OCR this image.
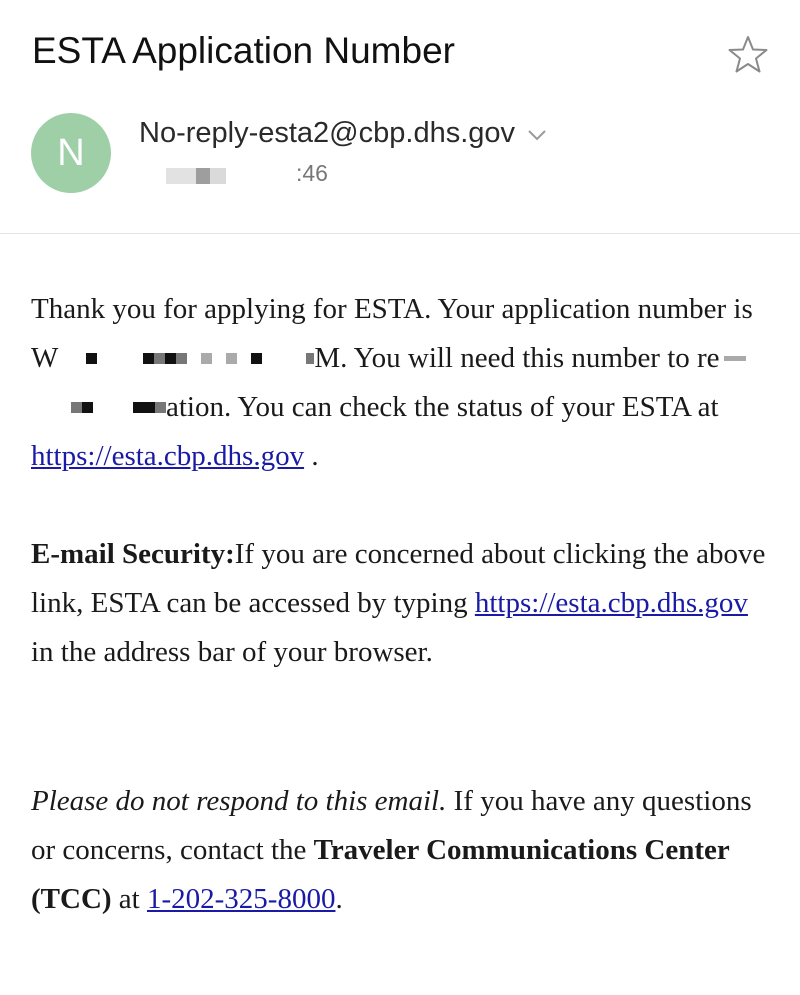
ESTA Application Number
N No-reply-esta2@cbp.dhs.gov
:46
Thank you for applying for ESTA. Your application number is W	M. You will need this number to reation. You can check the status of your ESTA at https://esta.cbp.dhs.gov .
E-mail Security:If you are concerned about clicking the above link, ESTA can be accessed by typing https://esta.cbp.dhs.gov in the address bar of your browser.
Please do not respond to this email. If you have any questions or concerns, contact the Traveler Communications Center (TCC) at 1-202-325-8000.
